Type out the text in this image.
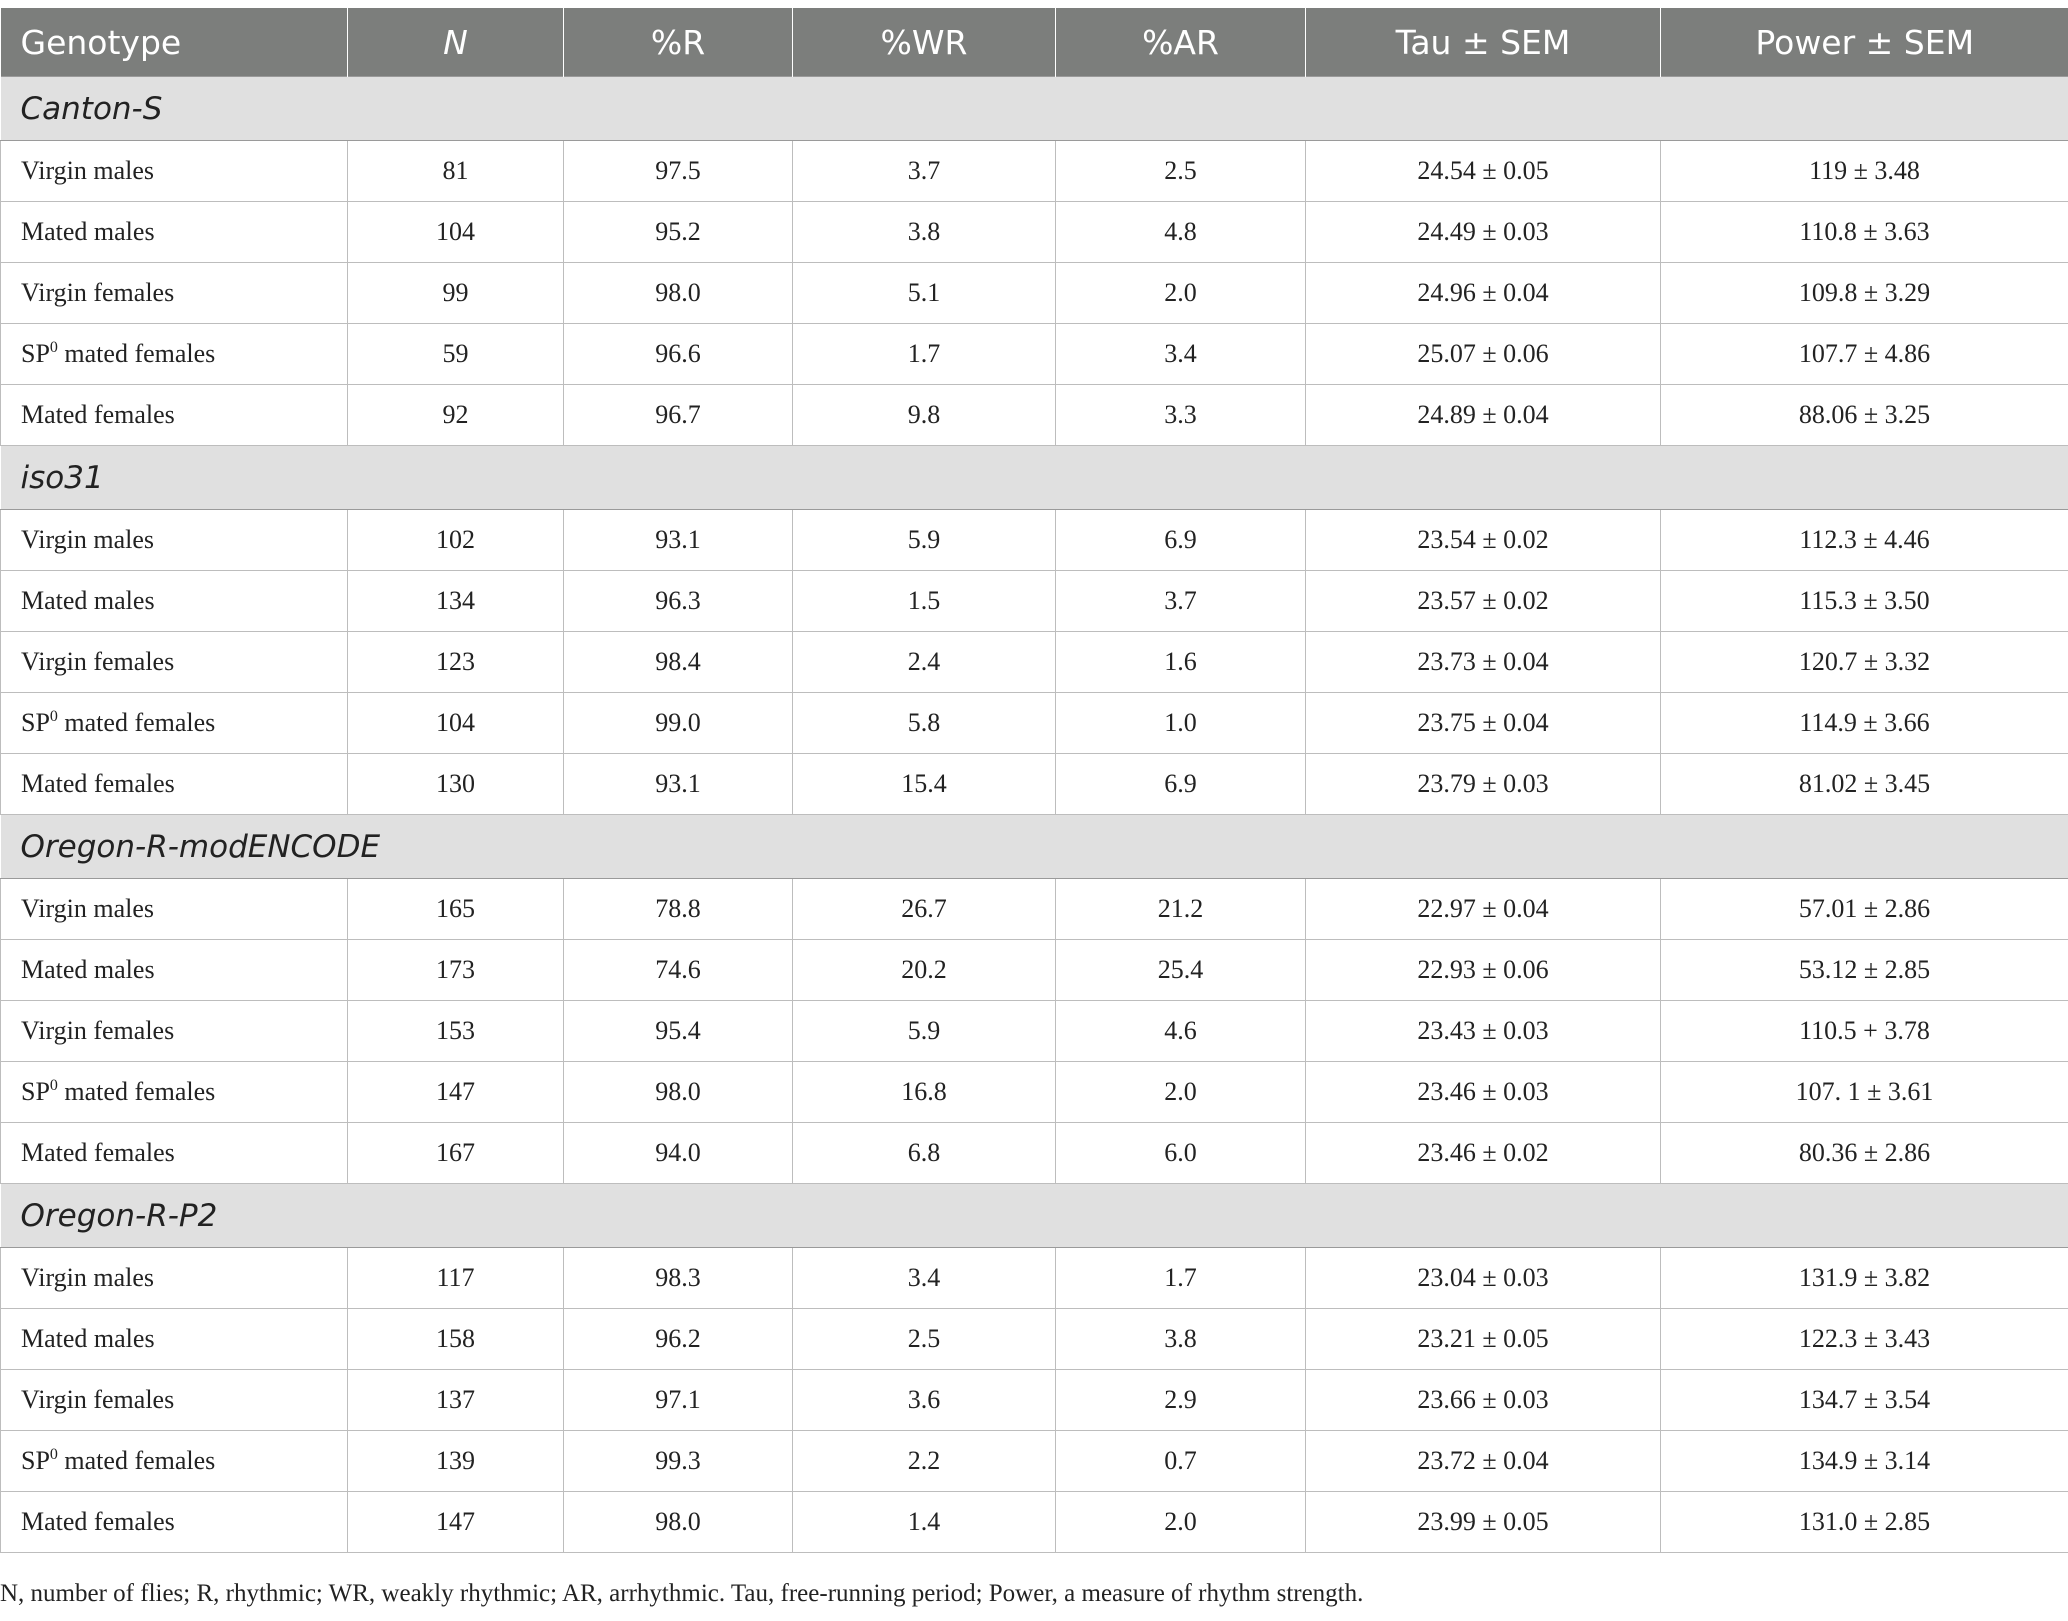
Genotype	N	%R	%WR	%AR	Tau ± SEM	Power ± SEM
Canton-S						
Virgin males	81	97.5	3.7	2.5	24.54 ± 0.05	119 ± 3.48
Mated males	104	95.2	3.8	4.8	24.49 ± 0.03	110.8 ± 3.63
Virgin females	99	98.0	5.1	2.0	24.96 ± 0.04	109.8 ± 3.29
$SP^0$ mated females	59	96.6	1.7	3.4	25.07 ± 0.06	107.7 ± 4.86
Mated females	92	96.7	9.8	3.3	24.89 ± 0.04	88.06 ± 3.25
iso31						
Virgin males	102	93.1	5.9	6.9	23.54 ± 0.02	112.3 ± 4.46
Mated males	134	96.3	1.5	3.7	23.57 ± 0.02	115.3 ± 3.50
Virgin females	123	98.4	2.4	1.6	23.73 ± 0.04	120.7 ± 3.32
$SP^0$ mated females	104	99.0	5.8	1.0	23.75 ± 0.04	114.9 ± 3.66
Mated females	130	93.1	15.4	6.9	23.79 ± 0.03	81.02 ± 3.45
Oregon-R-modENCODE						
Virgin males	165	78.8	26.7	21.2	22.97 ± 0.04	57.01 ± 2.86
Mated males	173	74.6	20.2	25.4	22.93 ± 0.06	53.12 ± 2.85
Virgin females	153	95.4	5.9	4.6	23.43 ± 0.03	110.5 + 3.78
$SP^0$ mated females	147	98.0	16.8	2.0	23.46 ± 0.03	107. 1 ± 3.61
Mated females	167	94.0	6.8	6.0	23.46 ± 0.02	80.36 ± 2.86
Oregon-R-P2						
Virgin males	117	98.3	3.4	1.7	23.04 ± 0.03	131.9 ± 3.82
Mated males	158	96.2	2.5	3.8	23.21 ± 0.05	122.3 ± 3.43
Virgin females	137	97.1	3.6	2.9	23.66 ± 0.03	134.7 ± 3.54
$SP^0$ mated females	139	99.3	2.2	0.7	23.72 ± 0.04	134.9 ± 3.14
Mated females	147	98.0	1.4	2.0	23.99 ± 0.05	131.0 ± 2.85
N, number of flies; R, rhythmic; WR, weakly rhythmic; AR, arrhythmic. Tau, free-running period; Power, a measure of rhythm strength.
